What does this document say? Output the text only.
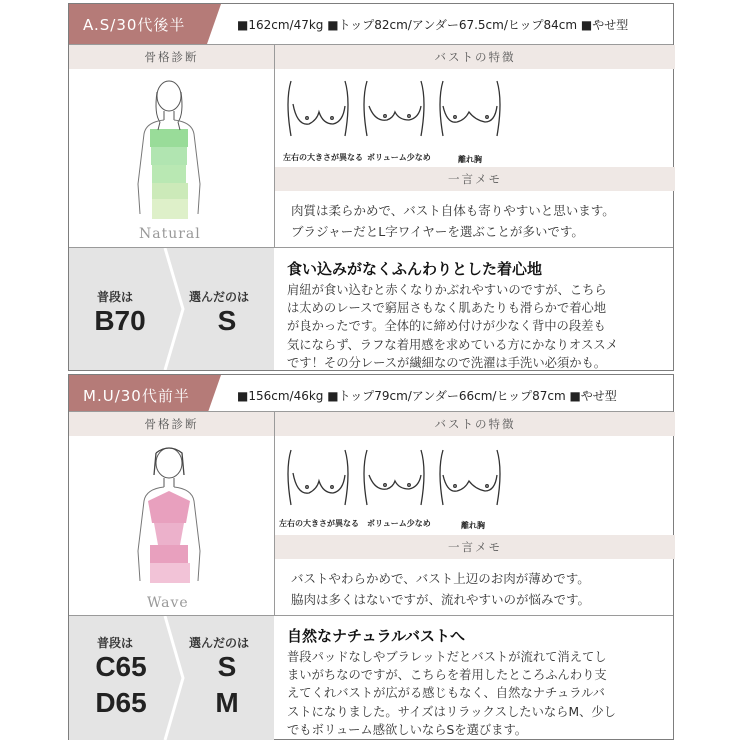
A.S/30代後半	■162cm/47kg ■トップ82cm/アンダー67.5cm/ヒップ84cm ■やせ型
骨格診断	バストの特徴
Natural
左右の大きさが異なる ボリューム少なめ	離れ胸
一言メモ
肉質は柔らかめで、バスト自体も寄りやすいと思います。
ブラジャーだとL字ワイヤーを選ぶことが多いです。
普段は
B70
選んだのは
S
食い込みがなくふんわりとした着心地
肩紐が食い込むと赤くなりかぶれやすいのですが、こちら
は太めのレースで窮屈さもなく肌あたりも滑らかで着心地
が良かったです。全体的に締め付けが少なく背中の段差も
気にならず、ラフな着用感を求めている方にかなりオススメ
です！その分レースが繊細なので洗濯は手洗い必須かも。
M.U/30代前半	■156cm/46kg ■トップ79cm/アンダー66cm/ヒップ87cm ■やせ型
骨格診断	バストの特徴
Wave
左右の大きさが異なる ボリューム少なめ	離れ胸
一言メモ
バストやわらかめで、バスト上辺のお肉が薄めです。
脇肉は多くはないですが、流れやすいのが悩みです。
普段は
C65
D65
選んだのは
S
M
自然なナチュラルバストへ
普段パッドなしやブラレットだとバストが流れて消えてし
まいがちなのですが、こちらを着用したところふんわり支
えてくれバストが広がる感じもなく、自然なナチュラルバ
ストになりました。サイズはリラックスしたいならM、少し
でもボリューム感欲しいならSを選びます。
